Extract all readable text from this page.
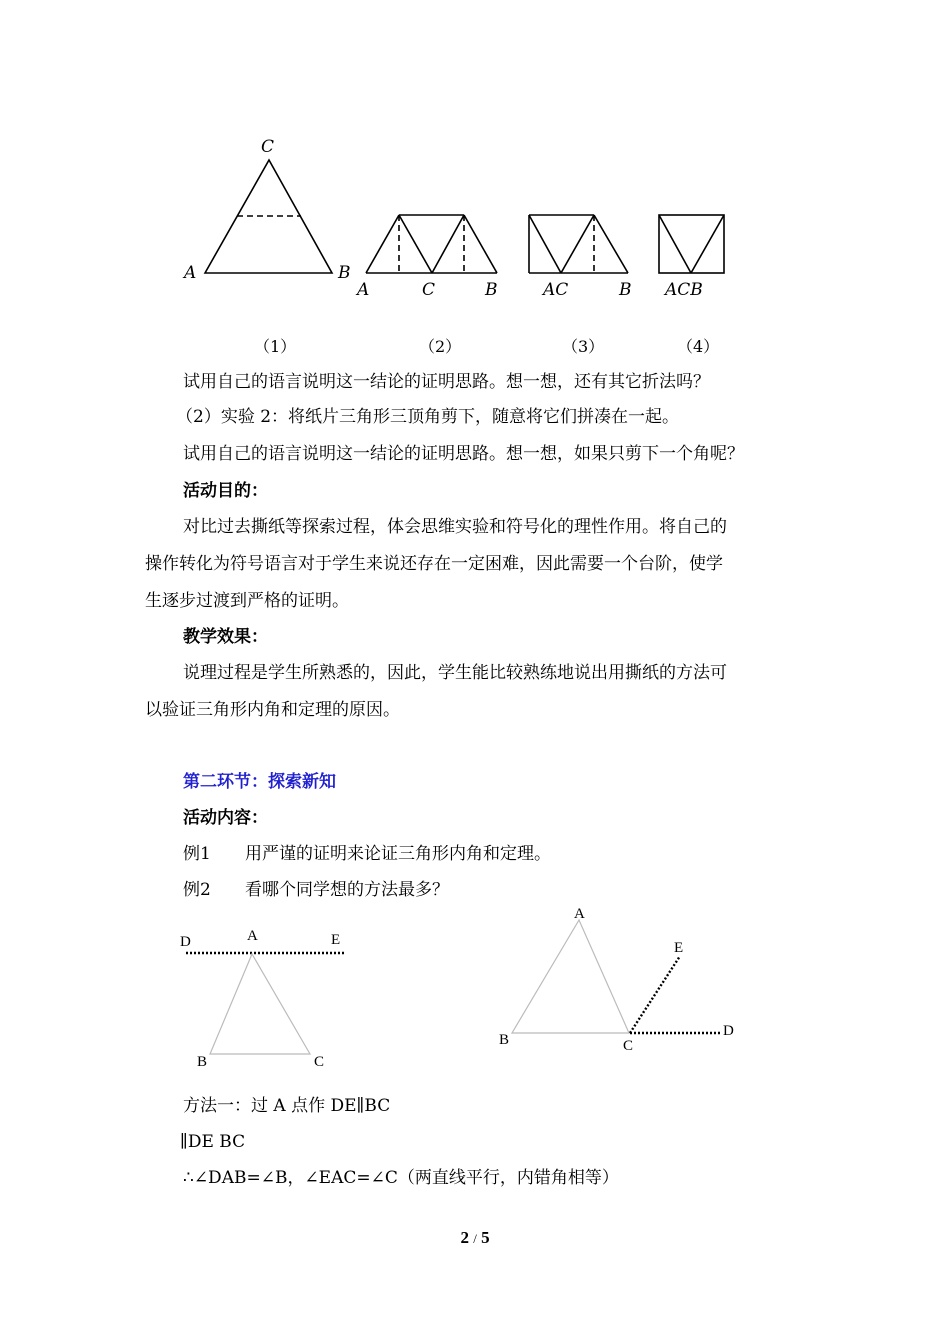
C
A	B
A	C	B	AC	B ACB
（1）	（2）	（3）	（4）
试用自己的语言说明这一结论的证明思路。想一想，还有其它折法吗？
（2）实验 2：将纸片三角形三顶角剪下，随意将它们拼凑在一起。
试用自己的语言说明这一结论的证明思路。想一想，如果只剪下一个角呢？
活动目的：
对比过去撕纸等探索过程，体会思维实验和符号化的理性作用。将自己的
操作转化为符号语言对于学生来说还存在一定困难，因此需要一个台阶，使学
生逐步过渡到严格的证明。
教学效果：
说理过程是学生所熟悉的，因此，学生能比较熟练地说出用撕纸的方法可
以验证三角形内角和定理的原因。
第二环节：探索新知
活动内容：
例1 用严谨的证明来论证三角形内角和定理。
例2 看哪个同学想的方法最多？
D	A	E
B	C
A
E
B	C
D
方法一：过 A 点作 DE∥BC
∥DE BC
∴∠DAB=∠B，∠EAC=∠C（两直线平行，内错角相等）
2 / 5
